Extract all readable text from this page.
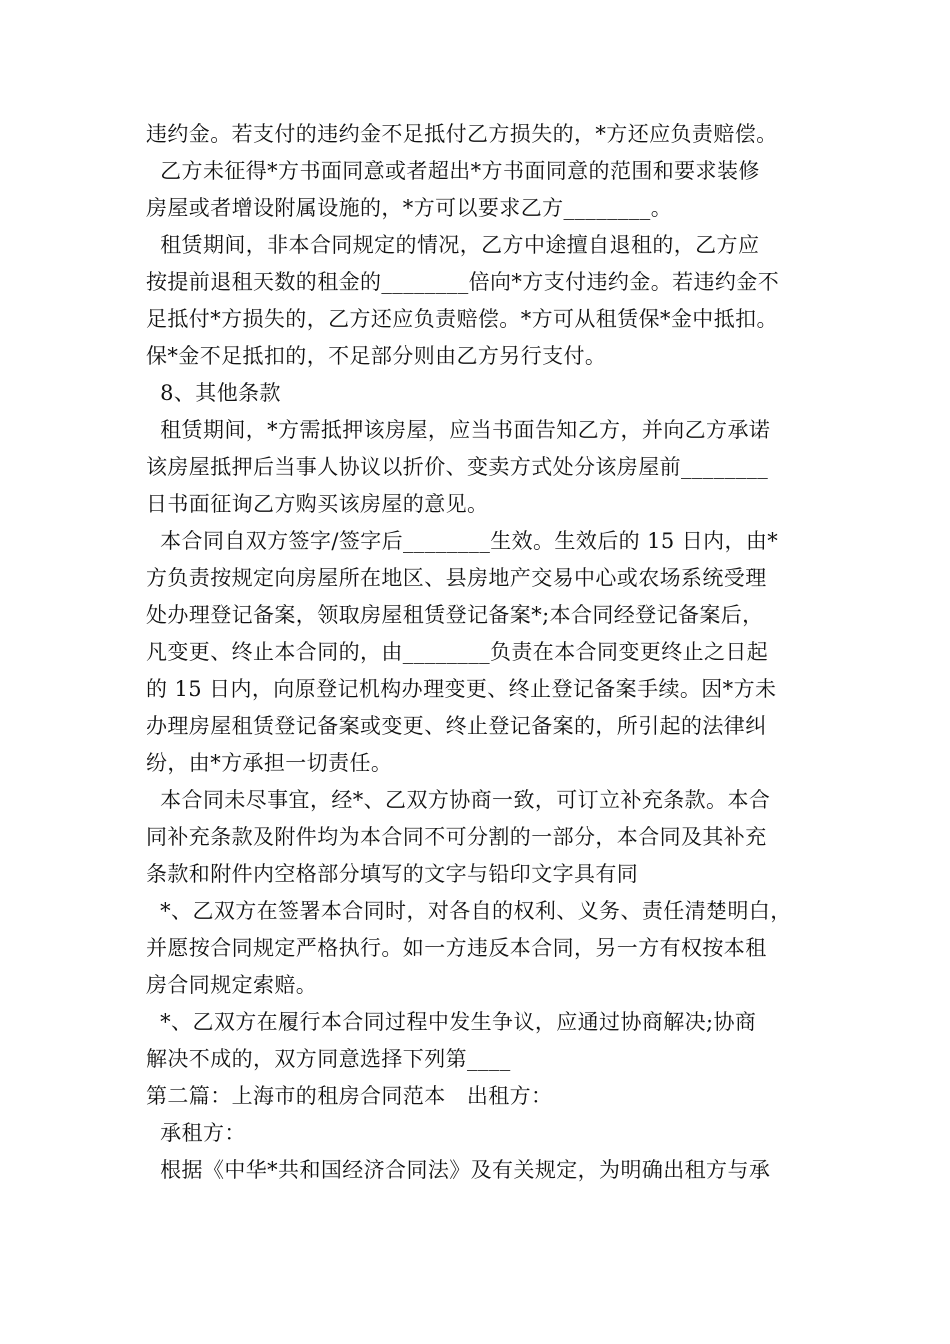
违约金。若支付的违约金不足抵付乙方损失的，*方还应负责赔偿。
乙方未征得*方书面同意或者超出*方书面同意的范围和要求装修
房屋或者增设附属设施的，*方可以要求乙方________。
租赁期间，非本合同规定的情况，乙方中途擅自退租的，乙方应
按提前退租天数的租金的________倍向*方支付违约金。若违约金不
足抵付*方损失的，乙方还应负责赔偿。*方可从租赁保*金中抵扣。
保*金不足抵扣的，不足部分则由乙方另行支付。
8、其他条款
租赁期间，*方需抵押该房屋，应当书面告知乙方，并向乙方承诺
该房屋抵押后当事人协议以折价、变卖方式处分该房屋前________
日书面征询乙方购买该房屋的意见。
本合同自双方签字/签字后________生效。生效后的 15 日内，由*
方负责按规定向房屋所在地区、县房地产交易中心或农场系统受理
处办理登记备案，领取房屋租赁登记备案*;本合同经登记备案后，
凡变更、终止本合同的，由________负责在本合同变更终止之日起
的 15 日内，向原登记机构办理变更、终止登记备案手续。因*方未
办理房屋租赁登记备案或变更、终止登记备案的，所引起的法律纠
纷，由*方承担一切责任。
本合同未尽事宜，经*、乙双方协商一致，可订立补充条款。本合
同补充条款及附件均为本合同不可分割的一部分，本合同及其补充
条款和附件内空格部分填写的文字与铅印文字具有同
*、乙双方在签署本合同时，对各自的权利、义务、责任清楚明白，
并愿按合同规定严格执行。如一方违反本合同，另一方有权按本租
房合同规定索赔。
*、乙双方在履行本合同过程中发生争议，应通过协商解决;协商
解决不成的，双方同意选择下列第____
第二篇：上海市的租房合同范本   出租方：
承租方：
根据《中华*共和国经济合同法》及有关规定，为明确出租方与承
